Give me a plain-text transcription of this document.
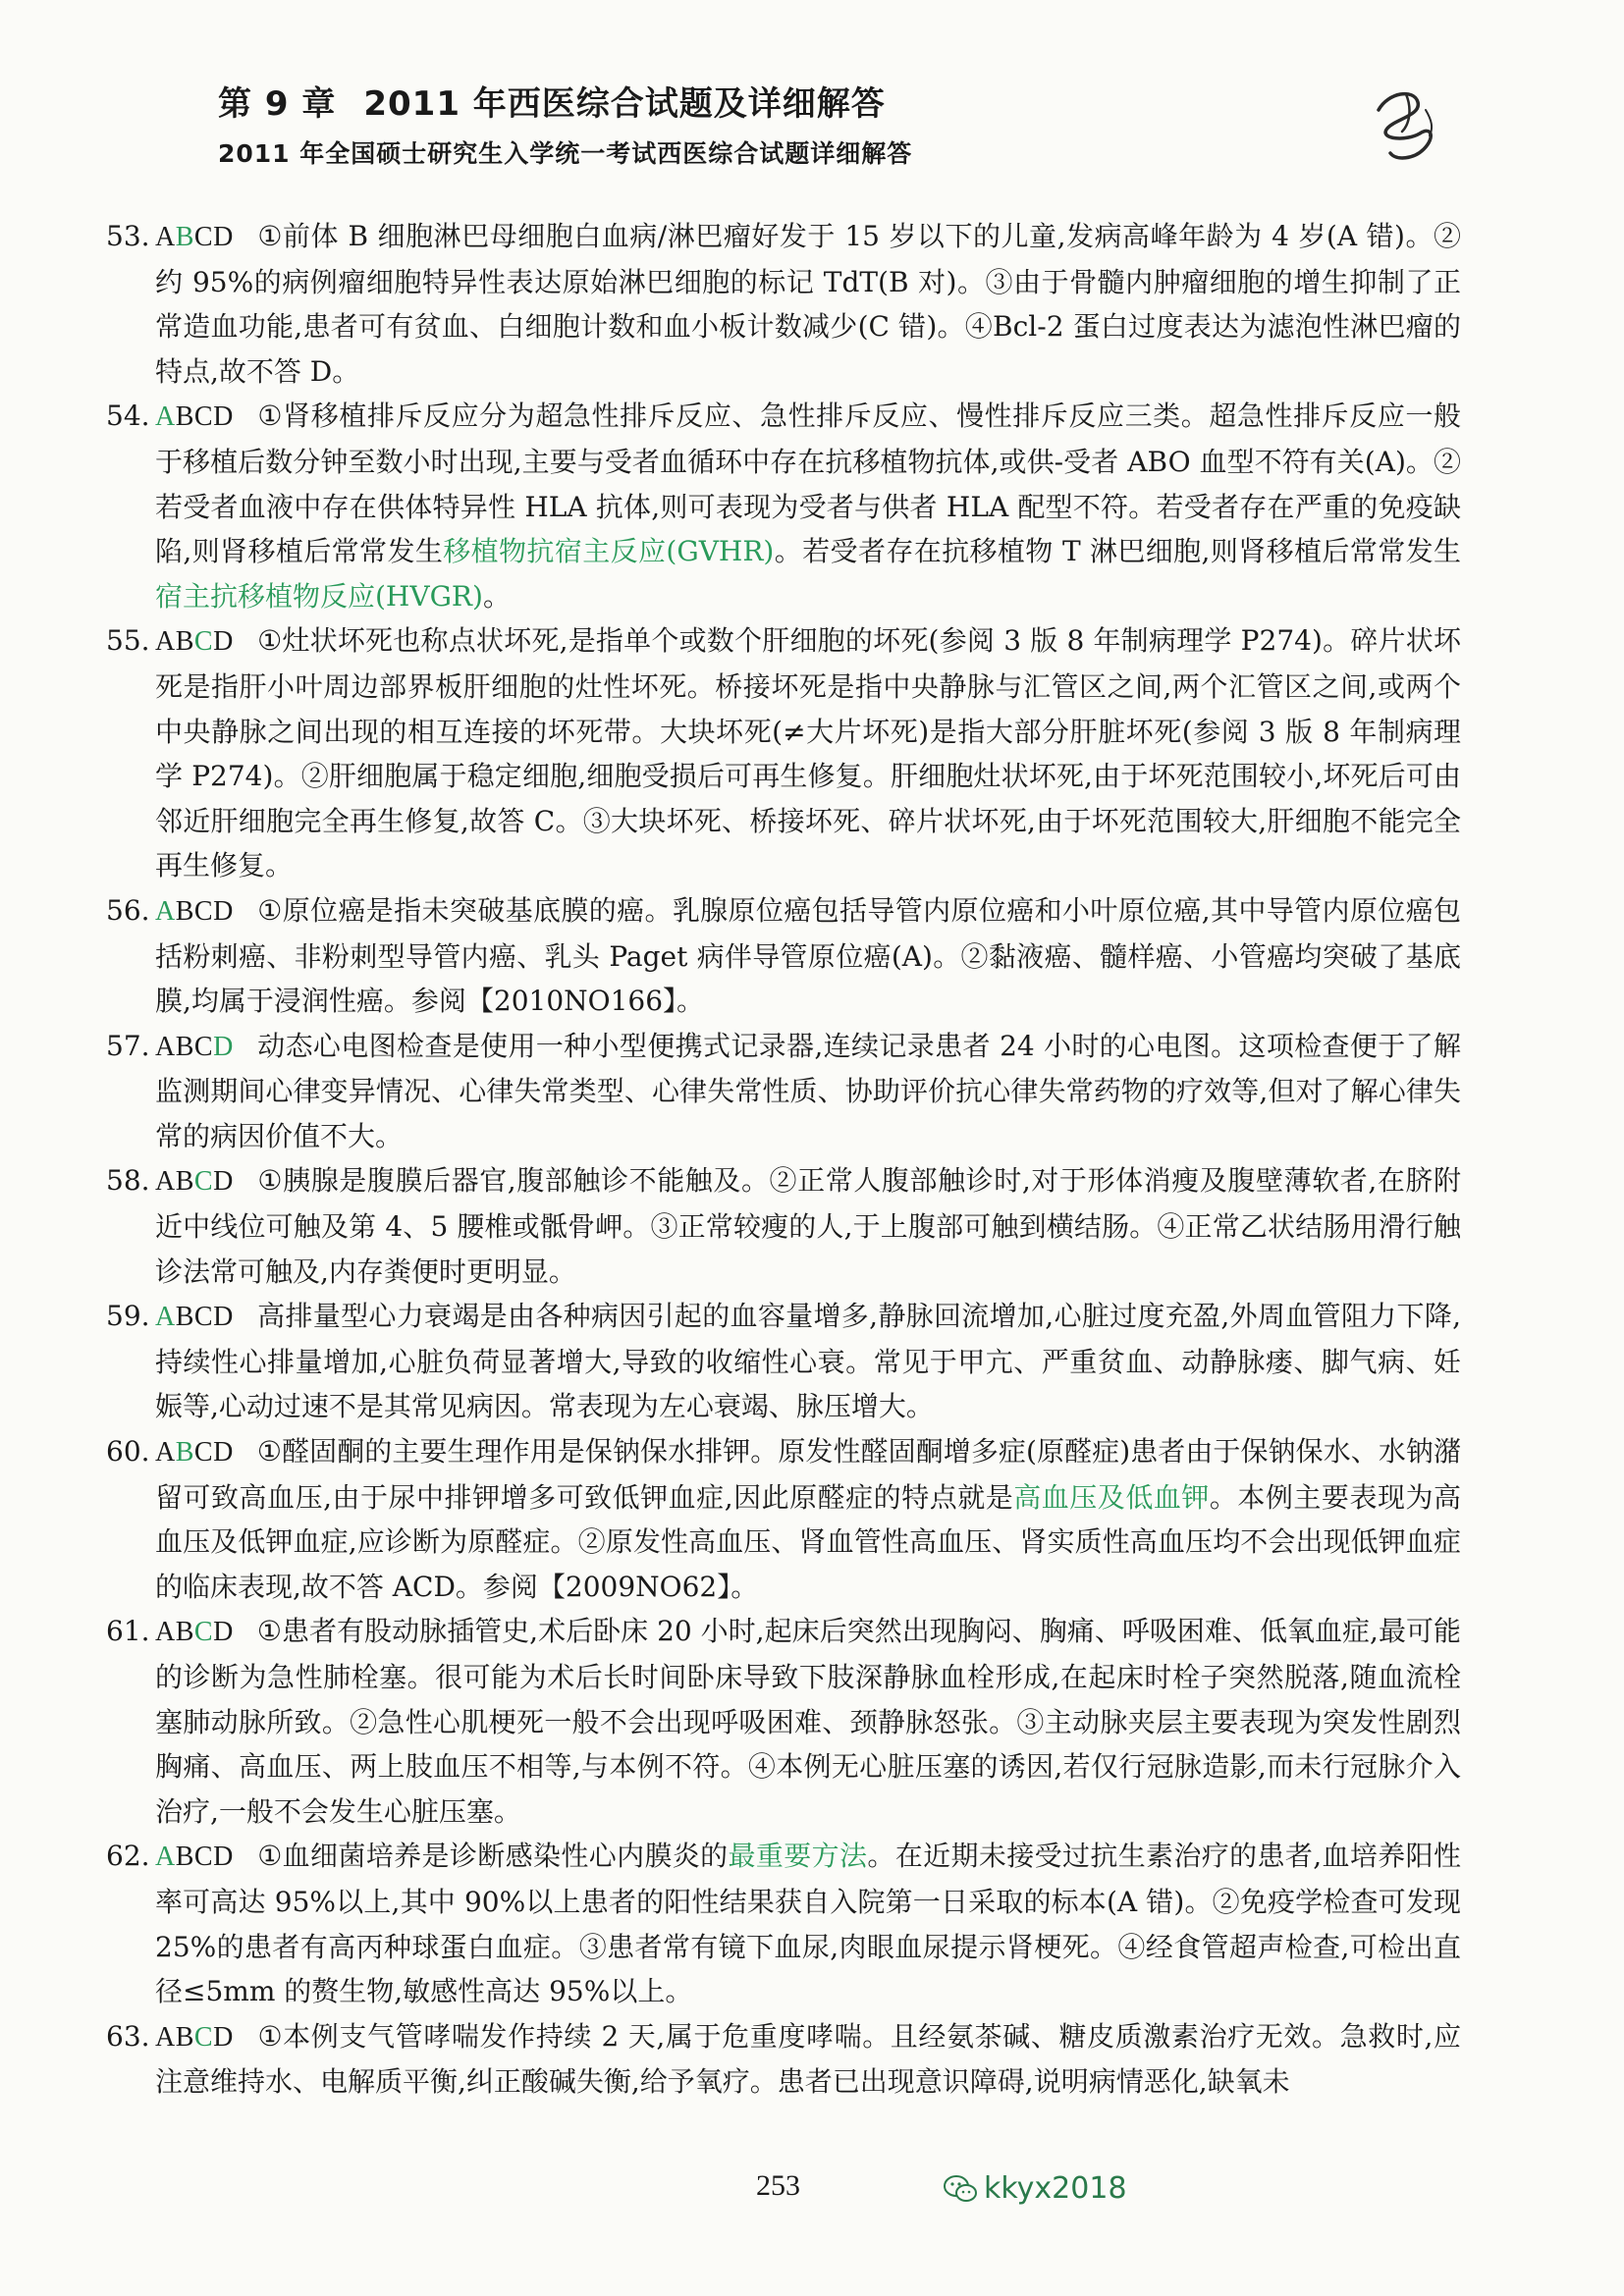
第 9 章 2011 年西医综合试题及详细解答
2011 年全国硕士研究生入学统一考试西医综合试题详细解答

53. ABCD ①前体 B 细胞淋巴母细胞白血病/淋巴瘤好发于 15 岁以下的儿童,发病高峰年龄为 4 岁(A 错)。②约 95%的病例瘤细胞特异性表达原始淋巴细胞的标记 TdT(B 对)。③由于骨髓内肿瘤细胞的增生抑制了正常造血功能,患者可有贫血、白细胞计数和血小板计数减少(C 错)。④Bcl-2 蛋白过度表达为滤泡性淋巴瘤的特点,故不答 D。

54. ABCD ①肾移植排斥反应分为超急性排斥反应、急性排斥反应、慢性排斥反应三类。超急性排斥反应一般于移植后数分钟至数小时出现,主要与受者血循环中存在抗移植物抗体,或供-受者 ABO 血型不符有关(A)。②若受者血液中存在供体特异性 HLA 抗体,则可表现为受者与供者 HLA 配型不符。若受者存在严重的免疫缺陷,则肾移植后常常发生移植物抗宿主反应(GVHR)。若受者存在抗移植物 T 淋巴细胞,则肾移植后常常发生宿主抗移植物反应(HVGR)。

55. ABCD ①灶状坏死也称点状坏死,是指单个或数个肝细胞的坏死(参阅 3 版 8 年制病理学 P274)。碎片状坏死是指肝小叶周边部界板肝细胞的灶性坏死。桥接坏死是指中央静脉与汇管区之间,两个汇管区之间,或两个中央静脉之间出现的相互连接的坏死带。大块坏死(≠大片坏死)是指大部分肝脏坏死(参阅 3 版 8 年制病理学 P274)。②肝细胞属于稳定细胞,细胞受损后可再生修复。肝细胞灶状坏死,由于坏死范围较小,坏死后可由邻近肝细胞完全再生修复,故答 C。③大块坏死、桥接坏死、碎片状坏死,由于坏死范围较大,肝细胞不能完全再生修复。

56. ABCD ①原位癌是指未突破基底膜的癌。乳腺原位癌包括导管内原位癌和小叶原位癌,其中导管内原位癌包括粉刺癌、非粉刺型导管内癌、乳头 Paget 病伴导管原位癌(A)。②黏液癌、髓样癌、小管癌均突破了基底膜,均属于浸润性癌。参阅【2010NO166】。

57. ABCD 动态心电图检查是使用一种小型便携式记录器,连续记录患者 24 小时的心电图。这项检查便于了解监测期间心律变异情况、心律失常类型、心律失常性质、协助评价抗心律失常药物的疗效等,但对了解心律失常的病因价值不大。

58. ABCD ①胰腺是腹膜后器官,腹部触诊不能触及。②正常人腹部触诊时,对于形体消瘦及腹壁薄软者,在脐附近中线位可触及第 4、5 腰椎或骶骨岬。③正常较瘦的人,于上腹部可触到横结肠。④正常乙状结肠用滑行触诊法常可触及,内存粪便时更明显。

59. ABCD 高排量型心力衰竭是由各种病因引起的血容量增多,静脉回流增加,心脏过度充盈,外周血管阻力下降,持续性心排量增加,心脏负荷显著增大,导致的收缩性心衰。常见于甲亢、严重贫血、动静脉瘘、脚气病、妊娠等,心动过速不是其常见病因。常表现为左心衰竭、脉压增大。

60. ABCD ①醛固酮的主要生理作用是保钠保水排钾。原发性醛固酮增多症(原醛症)患者由于保钠保水、水钠潴留可致高血压,由于尿中排钾增多可致低钾血症,因此原醛症的特点就是高血压及低血钾。本例主要表现为高血压及低钾血症,应诊断为原醛症。②原发性高血压、肾血管性高血压、肾实质性高血压均不会出现低钾血症的临床表现,故不答 ACD。参阅【2009NO62】。

61. ABCD ①患者有股动脉插管史,术后卧床 20 小时,起床后突然出现胸闷、胸痛、呼吸困难、低氧血症,最可能的诊断为急性肺栓塞。很可能为术后长时间卧床导致下肢深静脉血栓形成,在起床时栓子突然脱落,随血流栓塞肺动脉所致。②急性心肌梗死一般不会出现呼吸困难、颈静脉怒张。③主动脉夹层主要表现为突发性剧烈胸痛、高血压、两上肢血压不相等,与本例不符。④本例无心脏压塞的诱因,若仅行冠脉造影,而未行冠脉介入治疗,一般不会发生心脏压塞。

62. ABCD ①血细菌培养是诊断感染性心内膜炎的最重要方法。在近期未接受过抗生素治疗的患者,血培养阳性率可高达 95%以上,其中 90%以上患者的阳性结果获自入院第一日采取的标本(A 错)。②免疫学检查可发现 25%的患者有高丙种球蛋白血症。③患者常有镜下血尿,肉眼血尿提示肾梗死。④经食管超声检查,可检出直径≤5mm 的赘生物,敏感性高达 95%以上。

63. ABCD ①本例支气管哮喘发作持续 2 天,属于危重度哮喘。且经氨茶碱、糖皮质激素治疗无效。急救时,应注意维持水、电解质平衡,纠正酸碱失衡,给予氧疗。患者已出现意识障碍,说明病情恶化,缺氧未

253	kkyx2018
